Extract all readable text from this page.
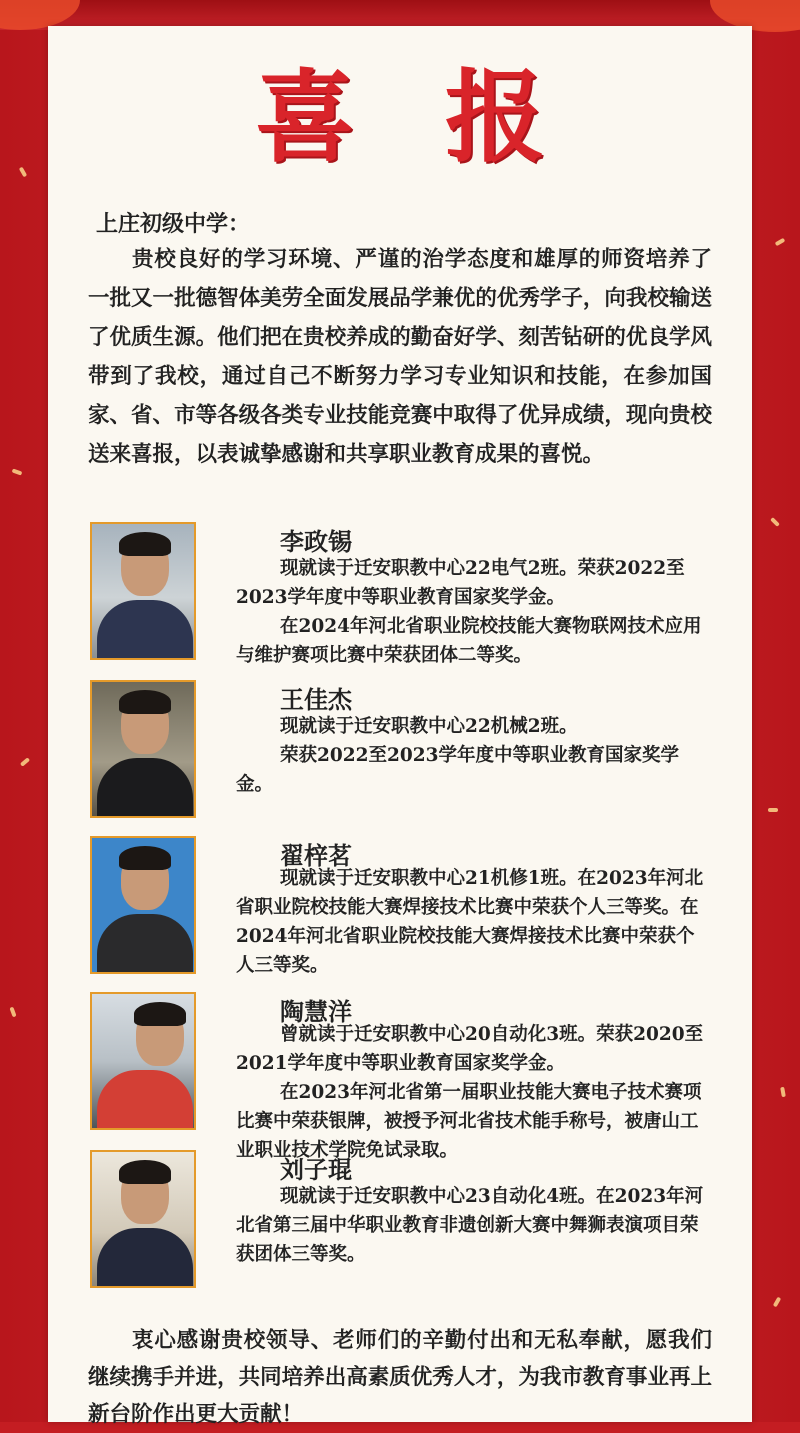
喜报
上庄初级中学：

贵校良好的学习环境、严谨的治学态度和雄厚的师资培养了一批又一批德智体美劳全面发展品学兼优的优秀学子，向我校输送了优质生源。他们把在贵校养成的勤奋好学、刻苦钻研的优良学风带到了我校，通过自己不断努力学习专业知识和技能，在参加国家、省、市等各级各类专业技能竞赛中取得了优异成绩，现向贵校送来喜报，以表诚挚感谢和共享职业教育成果的喜悦。

李政锡

现就读于迁安职教中心22电气2班。荣获2022至2023学年度中等职业教育国家奖学金。

在2024年河北省职业院校技能大赛物联网技术应用与维护赛项比赛中荣获团体二等奖。

王佳杰

现就读于迁安职教中心22机械2班。

荣获2022至2023学年度中等职业教育国家奖学金。

翟梓茗

现就读于迁安职教中心21机修1班。在2023年河北省职业院校技能大赛焊接技术比赛中荣获个人三等奖。在2024年河北省职业院校技能大赛焊接技术比赛中荣获个人三等奖。

陶慧洋

曾就读于迁安职教中心20自动化3班。荣获2020至2021学年度中等职业教育国家奖学金。

在2023年河北省第一届职业技能大赛电子技术赛项比赛中荣获银牌，被授予河北省技术能手称号，被唐山工业职业技术学院免试录取。

刘子琨

现就读于迁安职教中心23自动化4班。在2023年河北省第三届中华职业教育非遗创新大赛中舞狮表演项目荣获团体三等奖。

衷心感谢贵校领导、老师们的辛勤付出和无私奉献，愿我们继续携手并进，共同培养出高素质优秀人才，为我市教育事业再上新台阶作出更大贡献！
